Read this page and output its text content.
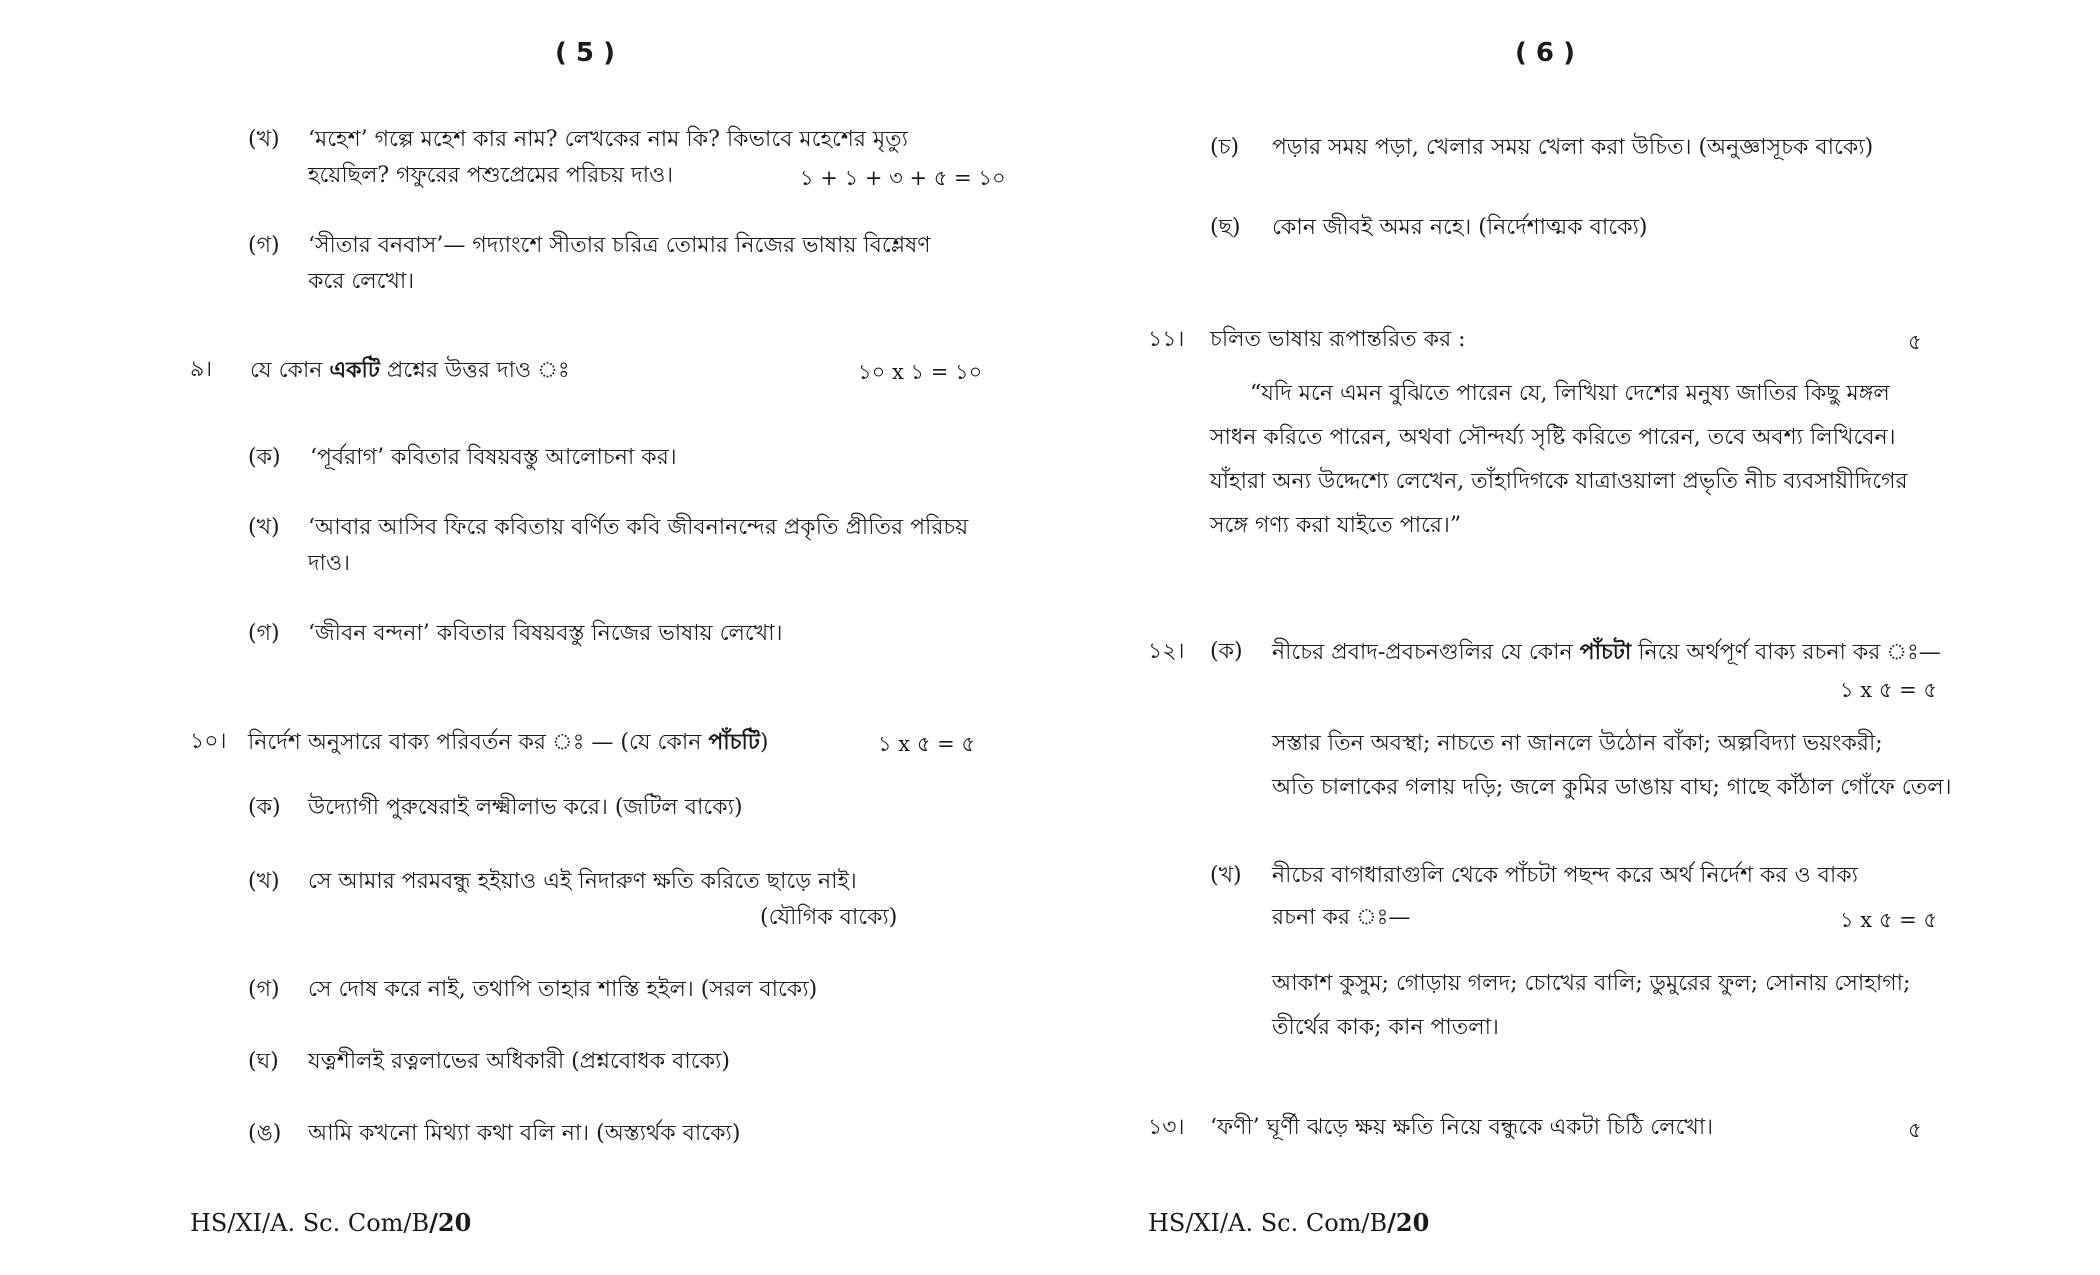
( 5 )
(খ) ‘মহেশ’ গল্পে মহেশ কার নাম? লেখকের নাম কি? কিভাবে মহেশের মৃত্যু
হয়েছিল? গফুরের পশুপ্রেমের পরিচয় দাও।	১ + ১ + ৩ + ৫ = ১০
(গ) ‘সীতার বনবাস’— গদ্যাংশে সীতার চরিত্র তোমার নিজের ভাষায় বিশ্লেষণ
করে লেখো।
৯। যে কোন একটি প্রশ্নের উত্তর দাও ঃ	১০ x ১ = ১০
(ক) ‘পূর্বরাগ’ কবিতার বিষয়বস্তু আলোচনা কর।
(খ) ‘আবার আসিব ফিরে কবিতায় বর্ণিত কবি জীবনানন্দের প্রকৃতি প্রীতির পরিচয়
দাও।
(গ) ‘জীবন বন্দনা’ কবিতার বিষয়বস্তু নিজের ভাষায় লেখো।
১০। নির্দেশ অনুসারে বাক্য পরিবর্তন কর ঃ — (যে কোন পাঁচটি)	১ x ৫ = ৫
(ক) উদ্যোগী পুরুষেরাই লক্ষ্মীলাভ করে। (জটিল বাক্যে)
(খ) সে আমার পরমবন্ধু হইয়াও এই নিদারুণ ক্ষতি করিতে ছাড়ে নাই।
(যৌগিক বাক্যে)
(গ) সে দোষ করে নাই, তথাপি তাহার শাস্তি হইল। (সরল বাক্যে)
(ঘ) যত্নশীলই রত্নলাভের অধিকারী (প্রশ্নবোধক বাক্যে)
(ঙ) আমি কখনো মিথ্যা কথা বলি না। (অস্ত্যর্থক বাক্যে)
HS/XI/A. Sc. Com/B/20
( 6 )
(চ) পড়ার সময় পড়া, খেলার সময় খেলা করা উচিত। (অনুজ্ঞাসূচক বাক্যে)
(ছ) কোন জীবই অমর নহে। (নির্দেশাত্মক বাক্যে)
১১। চলিত ভাষায় রূপান্তরিত কর :	৫
“যদি মনে এমন বুঝিতে পারেন যে, লিখিয়া দেশের মনুষ্য জাতির কিছু মঙ্গল
সাধন করিতে পারেন, অথবা সৌন্দর্য্য সৃষ্টি করিতে পারেন, তবে অবশ্য লিখিবেন।
যাঁহারা অন্য উদ্দেশ্যে লেখেন, তাঁহাদিগকে যাত্রাওয়ালা প্রভৃতি নীচ ব্যবসায়ীদিগের
সঙ্গে গণ্য করা যাইতে পারে।”
১২। (ক) নীচের প্রবাদ-প্রবচনগুলির যে কোন পাঁচটা নিয়ে অর্থপূর্ণ বাক্য রচনা কর ঃ—
১ x ৫ = ৫
সস্তার তিন অবস্থা; নাচতে না জানলে উঠোন বাঁকা; অল্পবিদ্যা ভয়ংকরী;
অতি চালাকের গলায় দড়ি; জলে কুমির ডাঙায় বাঘ; গাছে কাঁঠাল গোঁফে তেল।
(খ) নীচের বাগধারাগুলি থেকে পাঁচটা পছন্দ করে অর্থ নির্দেশ কর ও বাক্য
রচনা কর ঃ—	১ x ৫ = ৫
আকাশ কুসুম; গোড়ায় গলদ; চোখের বালি; ডুমুরের ফুল; সোনায় সোহাগা;
তীর্থের কাক; কান পাতলা।
১৩। ‘ফণী’ ঘূর্ণী ঝড়ে ক্ষয় ক্ষতি নিয়ে বন্ধুকে একটা চিঠি লেখো।	৫
HS/XI/A. Sc. Com/B/20
